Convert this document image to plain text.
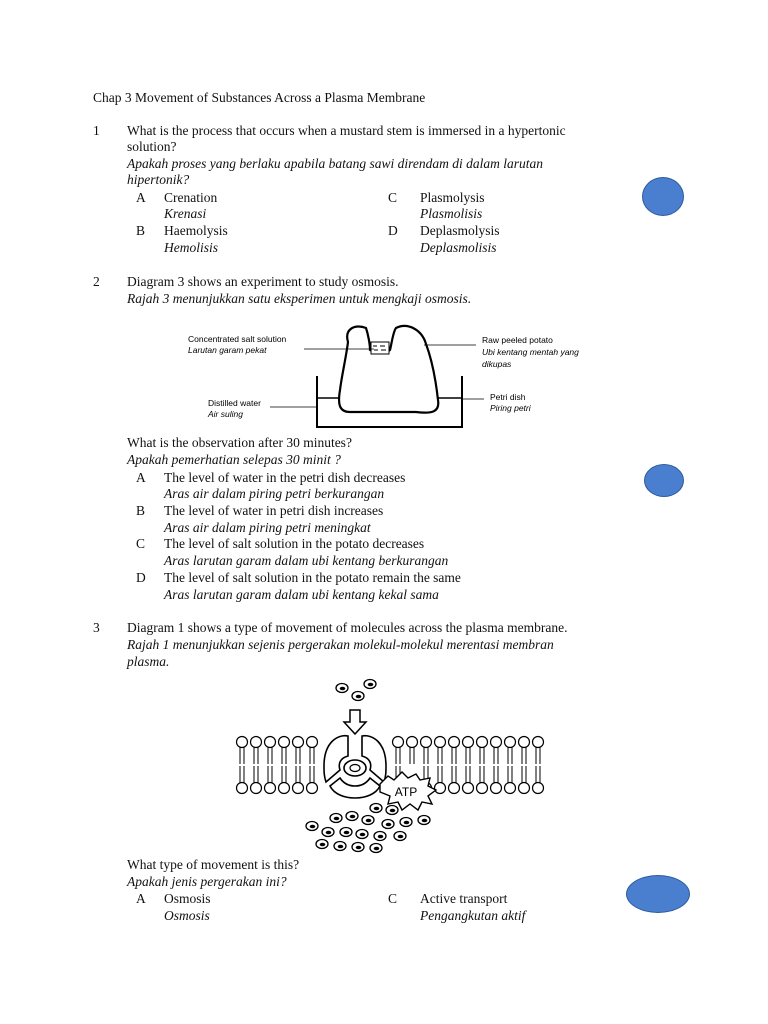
Chap 3 Movement of Substances Across a Plasma Membrane
1 What is the process that occurs when a mustard stem is immersed in a hypertonic
solution?
Apakah proses yang berlaku apabila batang sawi direndam di dalam larutan
hipertonik?
A Crenation
Krenasi
B Haemolysis
Hemolisis
C Plasmolysis
Plasmolisis
D Deplasmolysis
Deplasmolisis
2 Diagram 3 shows an experiment to study osmosis.
Rajah 3 menunjukkan satu eksperimen untuk mengkaji osmosis.
Concentrated salt solution
Larutan garam pekat
Distilled water
Air suling
Raw peeled potato
Ubi kentang mentah yang
dikupas
Petri dish
Piring petri
What is the observation after 30 minutes?
Apakah pemerhatian selepas 30 minit ?
A The level of water in the petri dish decreases
Aras air dalam piring petri berkurangan
B The level of water in petri dish increases
Aras air dalam piring petri meningkat
C The level of salt solution in the potato decreases
Aras larutan garam dalam ubi kentang berkurangan
D The level of salt solution in the potato remain the same
Aras larutan garam dalam ubi kentang kekal sama
3 Diagram 1 shows a type of movement of molecules across the plasma membrane.
Rajah 1 menunjukkan sejenis pergerakan molekul-molekul merentasi membran
plasma.
ATP
What type of movement is this?
Apakah jenis pergerakan ini?
A Osmosis
Osmosis
C Active transport
Pengangkutan aktif
